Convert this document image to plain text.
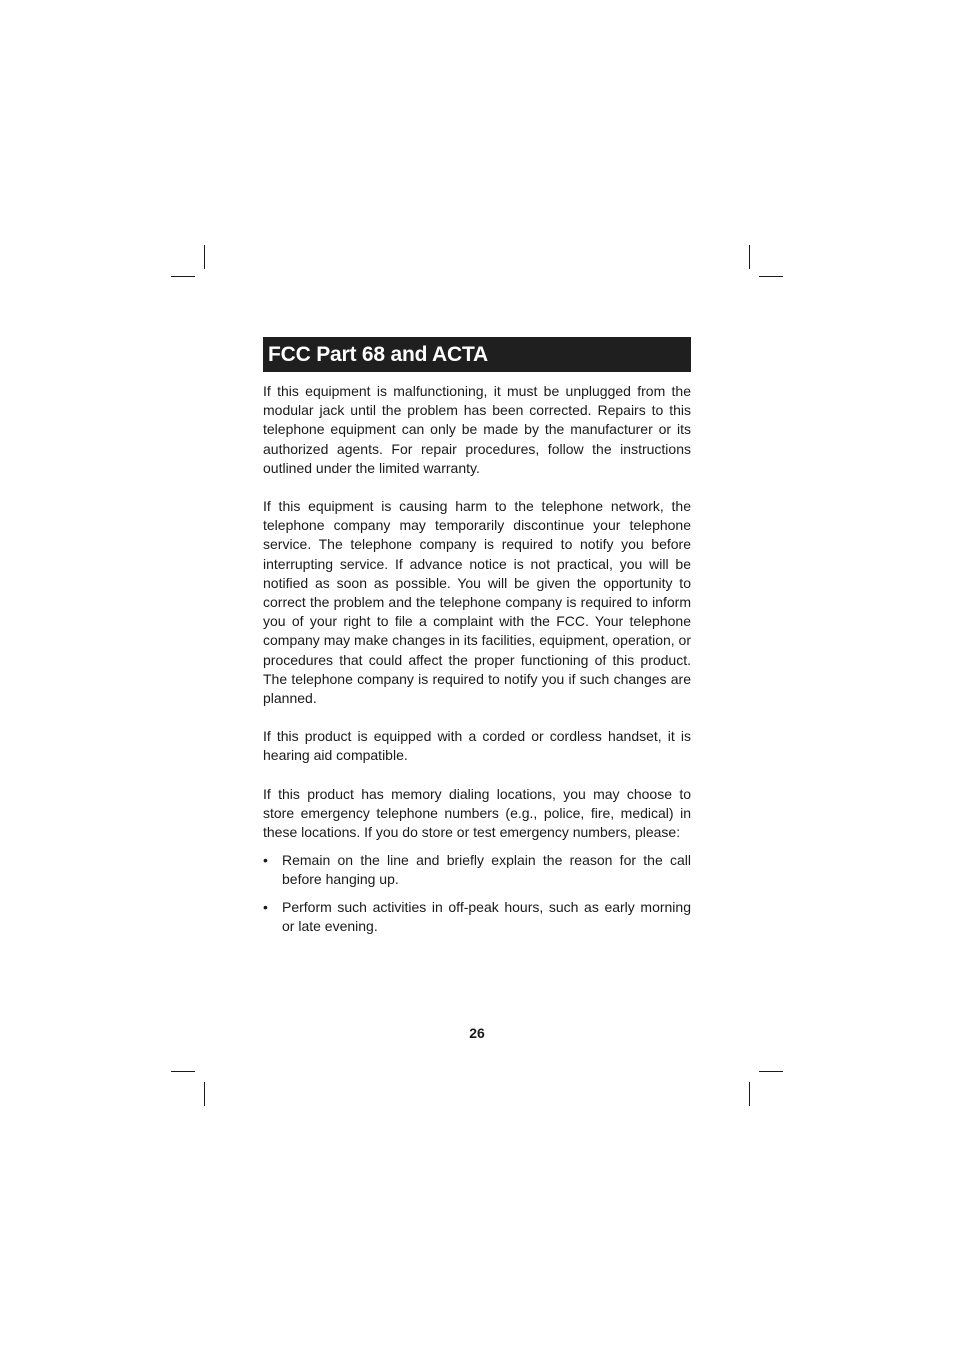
FCC Part 68 and ACTA

If this equipment is malfunctioning, it must be unplugged from the modular jack until the problem has been corrected. Repairs to this telephone equipment can only be made by the manufacturer or its authorized agents. For repair procedures, follow the instructions outlined under the limited warranty.

If this equipment is causing harm to the telephone network, the telephone company may temporarily discontinue your telephone service. The telephone company is required to notify you before interrupting service. If advance notice is not practical, you will be notified as soon as possible. You will be given the opportunity to correct the problem and the telephone company is required to inform you of your right to file a complaint with the FCC. Your telephone company may make changes in its facilities, equipment, operation, or procedures that could affect the proper functioning of this product. The telephone company is required to notify you if such changes are planned.

If this product is equipped with a corded or cordless handset, it is hearing aid compatible.

If this product has memory dialing locations, you may choose to store emergency telephone numbers (e.g., police, fire, medical) in these locations. If you do store or test emergency numbers, please:

• Remain on the line and briefly explain the reason for the call before hanging up.
• Perform such activities in off-peak hours, such as early morning or late evening.
26
